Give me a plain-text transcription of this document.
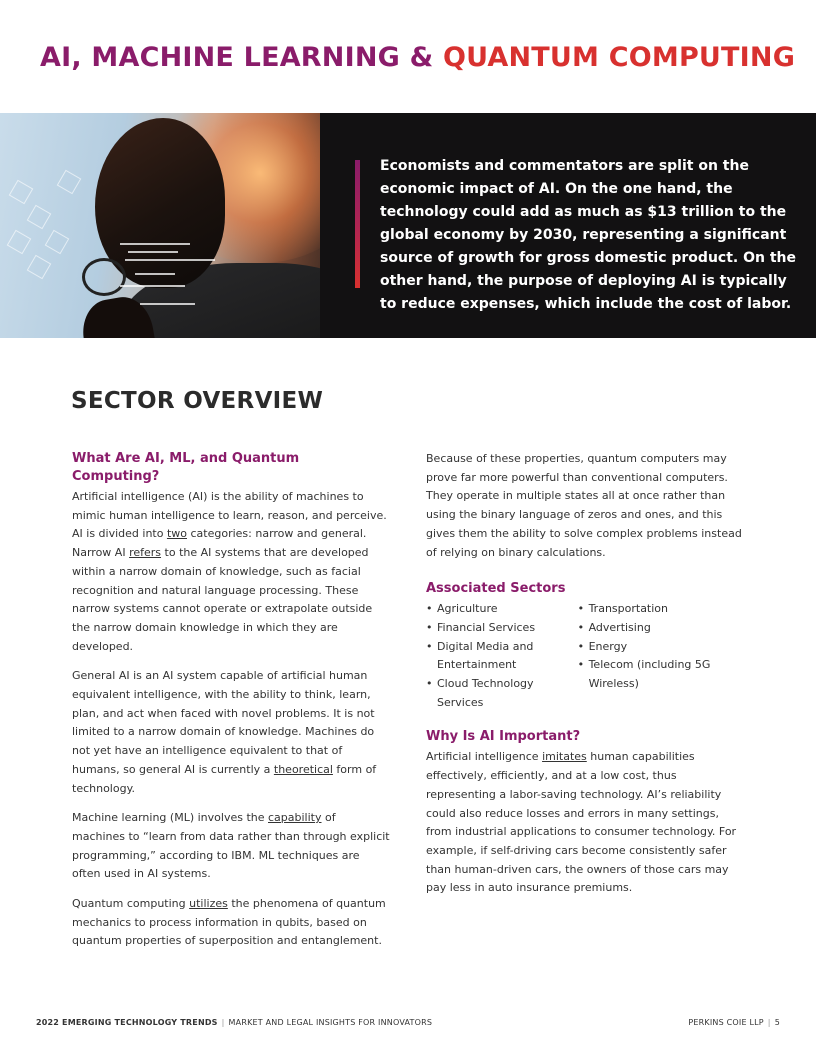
AI, MACHINE LEARNING & QUANTUM COMPUTING

Economists and commentators are split on the economic impact of AI. On the one hand, the technology could add as much as $13 trillion to the global economy by 2030, representing a significant source of growth for gross domestic product. On the other hand, the purpose of deploying AI is typically to reduce expenses, which include the cost of labor.

SECTOR OVERVIEW
What Are AI, ML, and Quantum Computing?

Artificial intelligence (AI) is the ability of machines to mimic human intelligence to learn, reason, and perceive. AI is divided into two categories: narrow and general. Narrow AI refers to the AI systems that are developed within a narrow domain of knowledge, such as facial recognition and natural language processing. These narrow systems cannot operate or extrapolate outside the narrow domain knowledge in which they are developed.

General AI is an AI system capable of artificial human equivalent intelligence, with the ability to think, learn, plan, and act when faced with novel problems. It is not limited to a narrow domain of knowledge. Machines do not yet have an intelligence equivalent to that of humans, so general AI is currently a theoretical form of technology.

Machine learning (ML) involves the capability of machines to “learn from data rather than through explicit programming,” according to IBM. ML techniques are often used in AI systems.

Quantum computing utilizes the phenomena of quantum mechanics to process information in qubits, based on quantum properties of superposition and entanglement.

Because of these properties, quantum computers may prove far more powerful than conventional computers. They operate in multiple states all at once rather than using the binary language of zeros and ones, and this gives them the ability to solve complex problems instead of relying on binary calculations.

Associated Sectors
• Agriculture
• Financial Services
• Digital Media and Entertainment
• Cloud Technology Services
• Transportation
• Advertising
• Energy
• Telecom (including 5G Wireless)
Why Is AI Important?

Artificial intelligence imitates human capabilities effectively, efficiently, and at a low cost, thus representing a labor-saving technology. AI’s reliability could also reduce losses and errors in many settings, from industrial applications to consumer technology. For example, if self-driving cars become consistently safer than human-driven cars, the owners of those cars may pay less in auto insurance premiums.

2022 EMERGING TECHNOLOGY TRENDS | MARKET AND LEGAL INSIGHTS FOR INNOVATORS	PERKINS COIE LLP | 5
